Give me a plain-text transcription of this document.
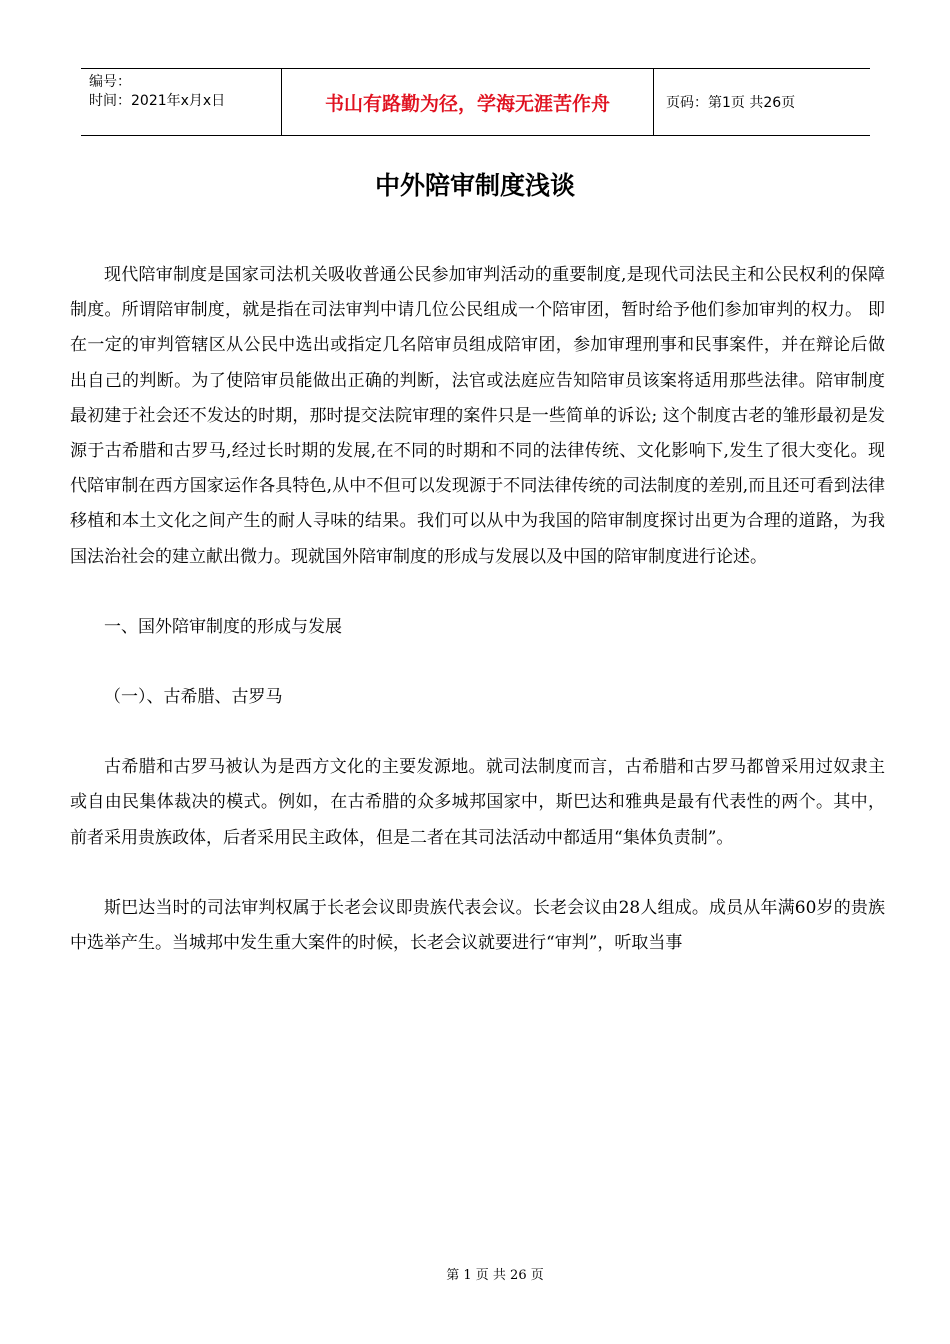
编号：
时间：2021年x月x日	书山有路勤为径，学海无涯苦作舟	页码：第1页 共26页
中外陪审制度浅谈

现代陪审制度是国家司法机关吸收普通公民参加审判活动的重要制度,是现代司法民主和公民权利的保障制度。所谓陪审制度，就是指在司法审判中请几位公民组成一个陪审团，暂时给予他们参加审判的权力。 即在一定的审判管辖区从公民中选出或指定几名陪审员组成陪审团，参加审理刑事和民事案件，并在辩论后做出自己的判断。为了使陪审员能做出正确的判断，法官或法庭应告知陪审员该案将适用那些法律。陪审制度最初建于社会还不发达的时期，那时提交法院审理的案件只是一些简单的诉讼; 这个制度古老的雏形最初是发源于古希腊和古罗马,经过长时期的发展,在不同的时期和不同的法律传统、文化影响下,发生了很大变化。现代陪审制在西方国家运作各具特色,从中不但可以发现源于不同法律传统的司法制度的差别,而且还可看到法律移植和本土文化之间产生的耐人寻味的结果。我们可以从中为我国的陪审制度探讨出更为合理的道路，为我国法治社会的建立献出微力。现就国外陪审制度的形成与发展以及中国的陪审制度进行论述。

一、国外陪审制度的形成与发展

（一）、古希腊、古罗马

古希腊和古罗马被认为是西方文化的主要发源地。就司法制度而言，古希腊和古罗马都曾采用过奴隶主或自由民集体裁决的模式。例如，在古希腊的众多城邦国家中，斯巴达和雅典是最有代表性的两个。其中，前者采用贵族政体，后者采用民主政体，但是二者在其司法活动中都适用“集体负责制”。

斯巴达当时的司法审判权属于长老会议即贵族代表会议。长老会议由28人组成。成员从年满60岁的贵族中选举产生。当城邦中发生重大案件的时候，长老会议就要进行“审判”，听取当事

第 1 页 共 26 页
